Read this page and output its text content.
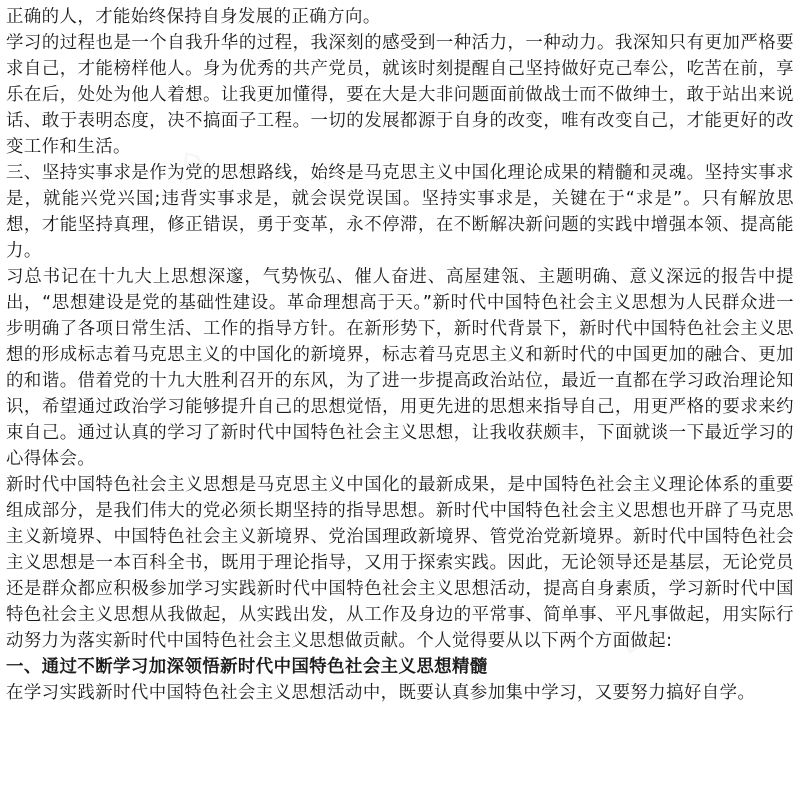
正确的人，才能始终保持自身发展的正确方向。

学习的过程也是一个自我升华的过程，我深刻的感受到一种活力，一种动力。我深知只有更加严格要求自己，才能榜样他人。身为优秀的共产党员，就该时刻提醒自己坚持做好克己奉公，吃苦在前，享乐在后，处处为他人着想。让我更加懂得，要在大是大非问题面前做战士而不做绅士，敢于站出来说话、敢于表明态度，决不搞面子工程。一切的发展都源于自身的改变，唯有改变自己，才能更好的改变工作和生活。

三、坚持实事求是作为党的思想路线，始终是马克思主义中国化理论成果的精髓和灵魂。坚持实事求是，就能兴党兴国;违背实事求是，就会误党误国。坚持实事求是，关键在于“求是”。只有解放思想，才能坚持真理，修正错误，勇于变革，永不停滞，在不断解决新问题的实践中增强本领、提高能力。

习总书记在十九大上思想深邃，气势恢弘、催人奋进、高屋建瓴、主题明确、意义深远的报告中提出，“思想建设是党的基础性建设。革命理想高于天。”新时代中国特色社会主义思想为人民群众进一步明确了各项日常生活、工作的指导方针。在新形势下，新时代背景下，新时代中国特色社会主义思想的形成标志着马克思主义的中国化的新境界，标志着马克思主义和新时代的中国更加的融合、更加的和谐。借着党的十九大胜利召开的东风，为了进一步提高政治站位，最近一直都在学习政治理论知识，希望通过政治学习能够提升自己的思想觉悟，用更先进的思想来指导自己，用更严格的要求来约束自己。通过认真的学习了新时代中国特色社会主义思想，让我收获颇丰，下面就谈一下最近学习的心得体会。

新时代中国特色社会主义思想是马克思主义中国化的最新成果，是中国特色社会主义理论体系的重要组成部分，是我们伟大的党必须长期坚持的指导思想。新时代中国特色社会主义思想也开辟了马克思主义新境界、中国特色社会主义新境界、党治国理政新境界、管党治党新境界。新时代中国特色社会主义思想是一本百科全书，既用于理论指导，又用于探索实践。因此，无论领导还是基层，无论党员还是群众都应积极参加学习实践新时代中国特色社会主义思想活动，提高自身素质，学习新时代中国特色社会主义思想从我做起，从实践出发，从工作及身边的平常事、简单事、平凡事做起，用实际行动努力为落实新时代中国特色社会主义思想做贡献。个人觉得要从以下两个方面做起:

一、通过不断学习加深领悟新时代中国特色社会主义思想精髓

在学习实践新时代中国特色社会主义思想活动中，既要认真参加集中学习，又要努力搞好自学。
